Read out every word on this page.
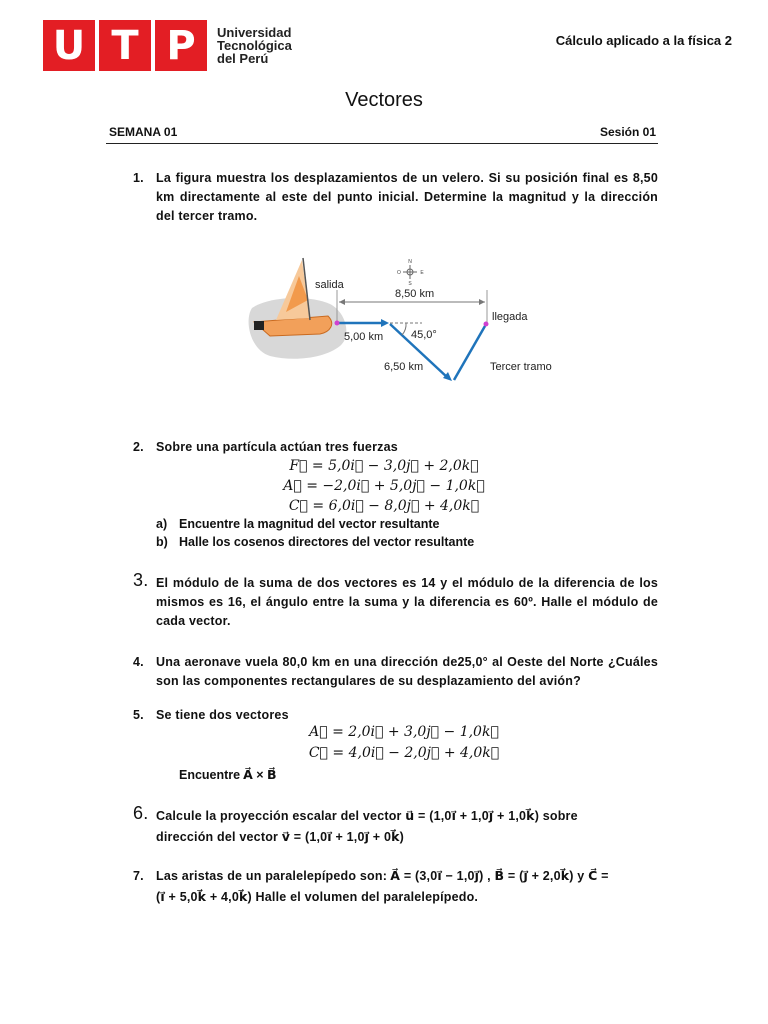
U T P	Universidad
Tecnológica
del Perú
Cálculo aplicado a la física 2
Vectores
SEMANA 01	Sesión 01
1. La figura muestra los desplazamientos de un velero. Si su posición final es 8,50 km directamente al este del punto inicial. Determine la magnitud y la dirección del tercer tramo.
N
S
E
O
8,50 km
salida
llegada
5,00 km	45,0°
6,50 km	Tercer tramo
2. Sobre una partícula actúan tres fuerzas
F⃗ = 5,0i⃗ − 3,0j⃗ + 2,0k⃗
A⃗ = −2,0i⃗ + 5,0j⃗ − 1,0k⃗
C⃗ = 6,0i⃗ − 8,0j⃗ + 4,0k⃗
a) Encuentre la magnitud del vector resultante
b) Halle los cosenos directores del vector resultante
3. El módulo de la suma de dos vectores es 14 y el módulo de la diferencia de los mismos es 16, el ángulo entre la suma y la diferencia es 60º. Halle el módulo de cada vector.
4. Una aeronave vuela 80,0 km en una dirección de25,0° al Oeste del Norte ¿Cuáles son las componentes rectangulares de su desplazamiento del avión?
5. Se tiene dos vectores
A⃗ = 2,0i⃗ + 3,0j⃗ − 1,0k⃗
C⃗ = 4,0i⃗ − 2,0j⃗ + 4,0k⃗
Encuentre A⃗ × B⃗
6. Calcule la proyección escalar del vector u⃗ = (1,0i⃗ + 1,0j⃗ + 1,0k⃗) sobre
dirección del vector v⃗ = (1,0i⃗ + 1,0j⃗ + 0k⃗)
7. Las aristas de un paralelepípedo son: A⃗ = (3,0i⃗ − 1,0j⃗) , B⃗ = (j⃗ + 2,0k⃗) y C⃗ =
(i⃗ + 5,0k⃗ + 4,0k⃗) Halle el volumen del paralelepípedo.
